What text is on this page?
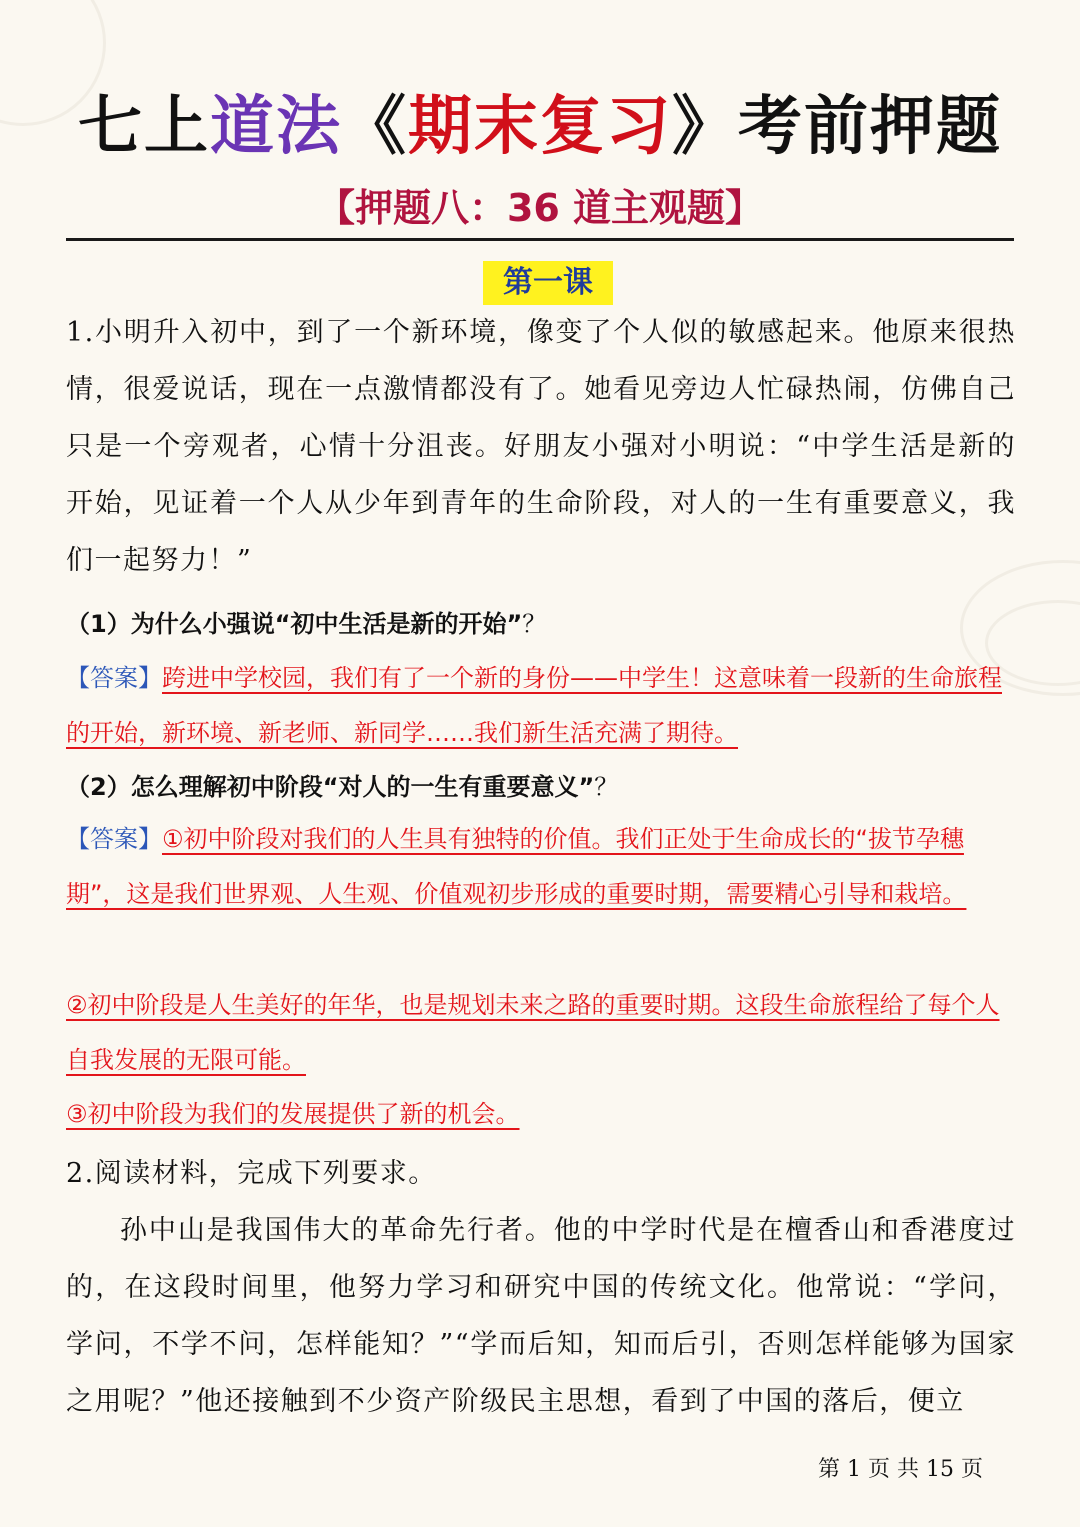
七上道法《期末复习》考前押题
【押题八：36 道主观题】
第一课
1.小明升入初中，到了一个新环境，像变了个人似的敏感起来。他原来很热情，很爱说话，现在一点激情都没有了。她看见旁边人忙碌热闹，仿佛自己只是一个旁观者，心情十分沮丧。好朋友小强对小明说：“中学生活是新的开始，见证着一个人从少年到青年的生命阶段，对人的一生有重要意义，我们一起努力！”
（1）为什么小强说“初中生活是新的开始”？
【答案】跨进中学校园，我们有了一个新的身份——中学生！这意味着一段新的生命旅程的开始，新环境、新老师、新同学……我们新生活充满了期待。
（2）怎么理解初中阶段“对人的一生有重要意义”？
【答案】①初中阶段对我们的人生具有独特的价值。我们正处于生命成长的“拔节孕穗期”，这是我们世界观、人生观、价值观初步形成的重要时期，需要精心引导和栽培。
②初中阶段是人生美好的年华，也是规划未来之路的重要时期。这段生命旅程给了每个人自我发展的无限可能。
③初中阶段为我们的发展提供了新的机会。
2.阅读材料，完成下列要求。
孙中山是我国伟大的革命先行者。他的中学时代是在檀香山和香港度过的，在这段时间里，他努力学习和研究中国的传统文化。他常说：“学问，学问，不学不问，怎样能知？”“学而后知，知而后引，否则怎样能够为国家之用呢？”他还接触到不少资产阶级民主思想，看到了中国的落后，便立
第 1 页 共 15 页
